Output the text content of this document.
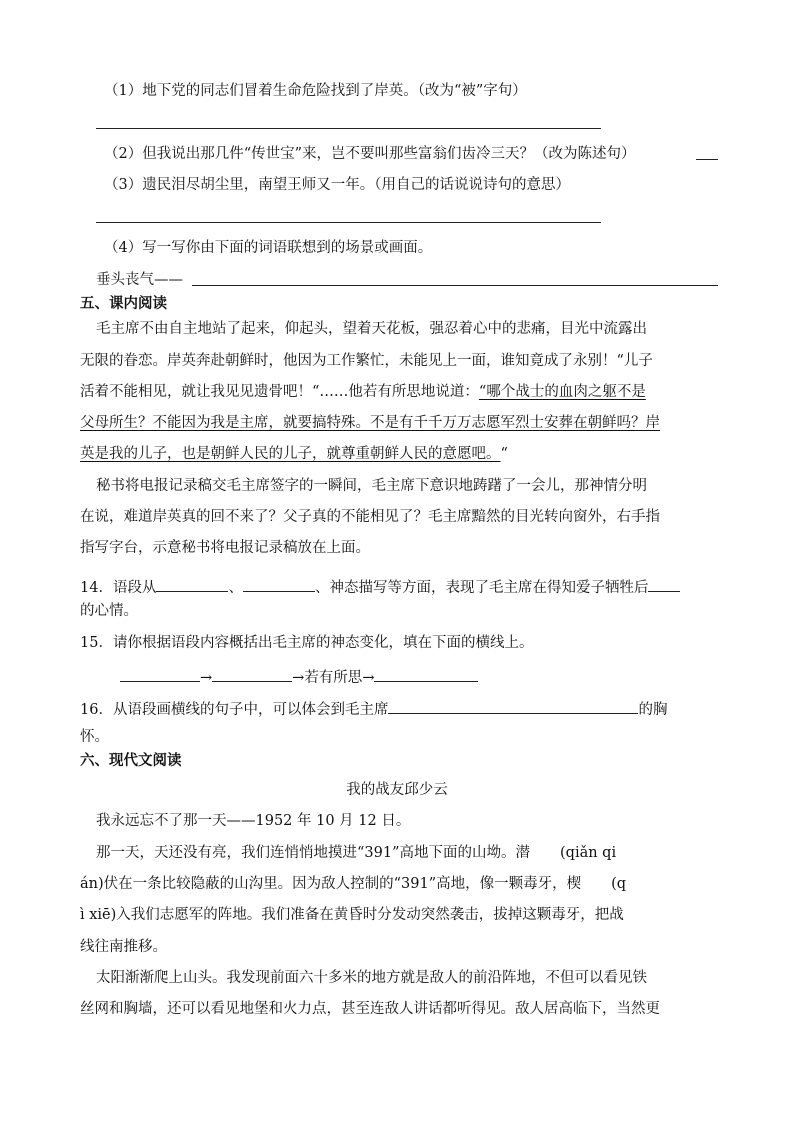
（1）地下党的同志们冒着生命危险找到了岸英。（改为“被”字句）
（2）但我说出那几件“传世宝”来，岂不要叫那些富翁们齿冷三天？（改为陈述句）
（3）遗民泪尽胡尘里，南望王师又一年。（用自己的话说说诗句的意思）
（4）写一写你由下面的词语联想到的场景或画面。
垂头丧气——
五、课内阅读
毛主席不由自主地站了起来，仰起头，望着天花板，强忍着心中的悲痛，目光中流露出
无限的眷恋。岸英奔赴朝鲜时，他因为工作繁忙，未能见上一面，谁知竟成了永别！“儿子
活着不能相见，就让我见见遗骨吧！“……他若有所思地说道：“哪个战士的血肉之躯不是
父母所生？不能因为我是主席，就要搞特殊。不是有千千万万志愿军烈士安葬在朝鲜吗？岸
英是我的儿子，也是朝鲜人民的儿子，就尊重朝鲜人民的意愿吧。“
秘书将电报记录稿交毛主席签字的一瞬间，毛主席下意识地踌躇了一会儿，那神情分明
在说，难道岸英真的回不来了？父子真的不能相见了？毛主席黯然的目光转向窗外，右手指
指写字台，示意秘书将电报记录稿放在上面。
14．语段从	、	、神态描写等方面，表现了毛主席在得知爱子牺牲后
的心情。
15．请你根据语段内容概括出毛主席的神态变化，填在下面的横线上。
→	→若有所思→
16．从语段画横线的句子中，可以体会到毛主席	的胸
怀。
六、现代文阅读
我的战友邱少云
我永远忘不了那一天——1952 年 10 月 12 日。
那一天，天还没有亮，我们连悄悄地摸进“391”高地下面的山坳。潜 (qiǎn qi
án)伏在一条比较隐蔽的山沟里。因为敌人控制的“391”高地，像一颗毒牙，楔 (q
ì xiē)入我们志愿军的阵地。我们准备在黄昏时分发动突然袭击，拔掉这颗毒牙，把战
线往南推移。
太阳渐渐爬上山头。我发现前面六十多米的地方就是敌人的前沿阵地，不但可以看见铁
丝网和胸墙，还可以看见地堡和火力点，甚至连敌人讲话都听得见。敌人居高临下，当然更
